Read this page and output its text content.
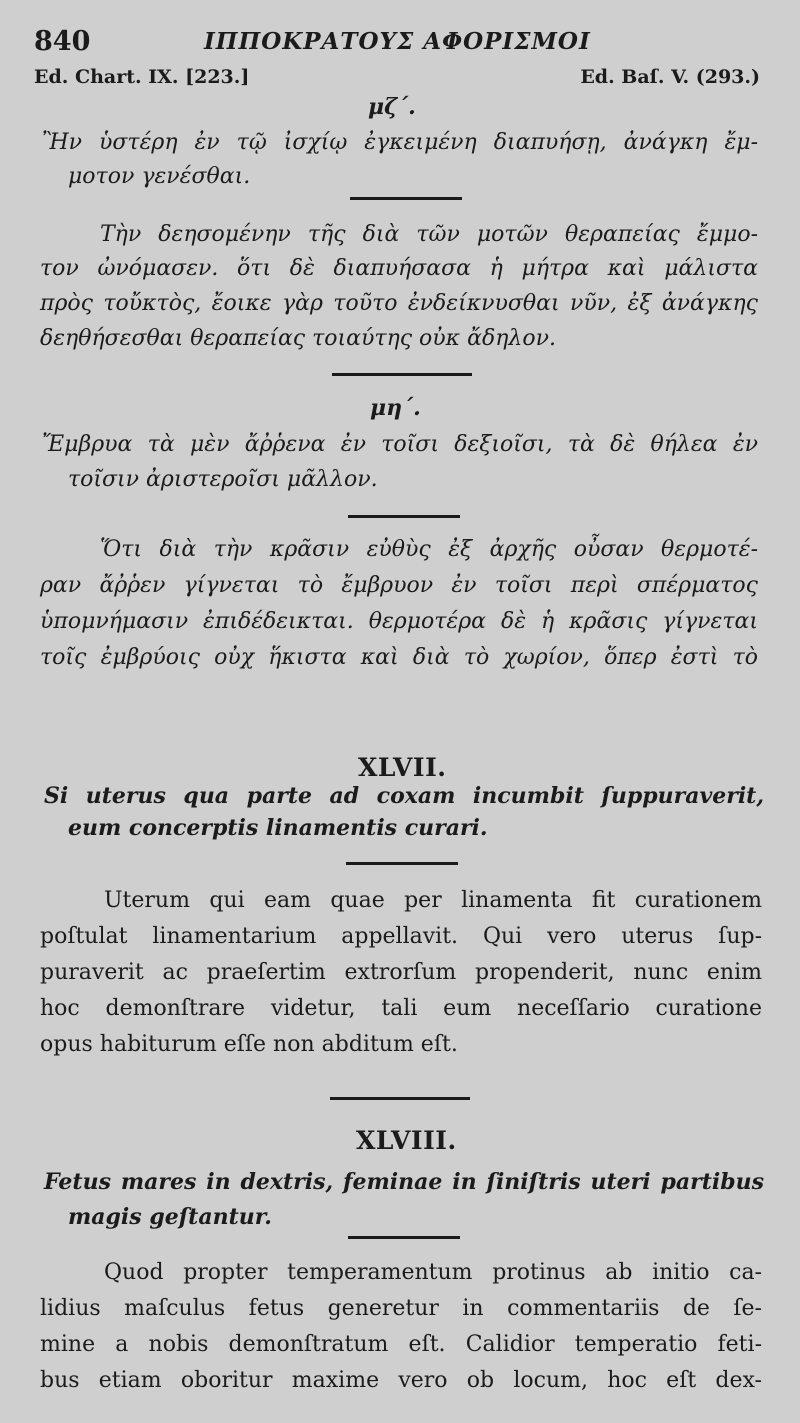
840	ΙΠΠΟΚΡΑΤΟΥΣ ΑΦΟΡΙΣΜΟΙ
Ed. Chart. IX. [223.]	Ed. Baſ. V. (293.)
μζ΄.
Ἢν ὑστέρη ἐν τῷ ἰσχίῳ ἐγκειμένη διαπυήσῃ, ἀνάγκη ἔμ-
μοτον γενέσθαι.
Τὴν δεησομένην τῆς διὰ τῶν μοτῶν θεραπείας ἔμμο-
τον ὠνόμασεν. ὅτι δὲ διαπυήσασα ἡ μήτρα καὶ μάλιστα
πρὸς τοὔκτὸς, ἔοικε γὰρ τοῦτο ἐνδείκνυσθαι νῦν, ἐξ ἀνάγκης
δεηθήσεσθαι θεραπείας τοιαύτης οὐκ ἄδηλον.
μη΄.
Ἔμβρυα τὰ μὲν ἄῤῥενα ἐν τοῖσι δεξιοῖσι, τὰ δὲ θήλεα ἐν
τοῖσιν ἀριστεροῖσι μᾶλλον.
Ὅτι διὰ τὴν κρᾶσιν εὐθὺς ἐξ ἀρχῆς οὖσαν θερμοτέ-
ραν ἄῤῥεν γίγνεται τὸ ἔμβρυον ἐν τοῖσι περὶ σπέρματος
ὑπομνήμασιν ἐπιδέδεικται. θερμοτέρα δὲ ἡ κρᾶσις γίγνεται
τοῖς ἐμβρύοις οὐχ ἥκιστα καὶ διὰ τὸ χωρίον, ὅπερ ἐστὶ τὸ
XLVII.
Si uterus qua parte ad coxam incumbit ſuppuraverit,
eum concerptis linamentis curari.
Uterum qui eam quae per linamenta fit curationem
poſtulat linamentarium appellavit. Qui vero uterus ſup-
puraverit ac praeſertim extrorſum propenderit, nunc enim
hoc demonſtrare videtur, tali eum neceſſario curatione
opus habiturum eſſe non abditum eſt.
XLVIII.
Fetus mares in dextris, feminae in ſiniſtris uteri partibus
magis geſtantur.
Quod propter temperamentum protinus ab initio ca-
lidius maſculus fetus generetur in commentariis de ſe-
mine a nobis demonſtratum eſt. Calidior temperatio feti-
bus etiam oboritur maxime vero ob locum, hoc eſt dex-
